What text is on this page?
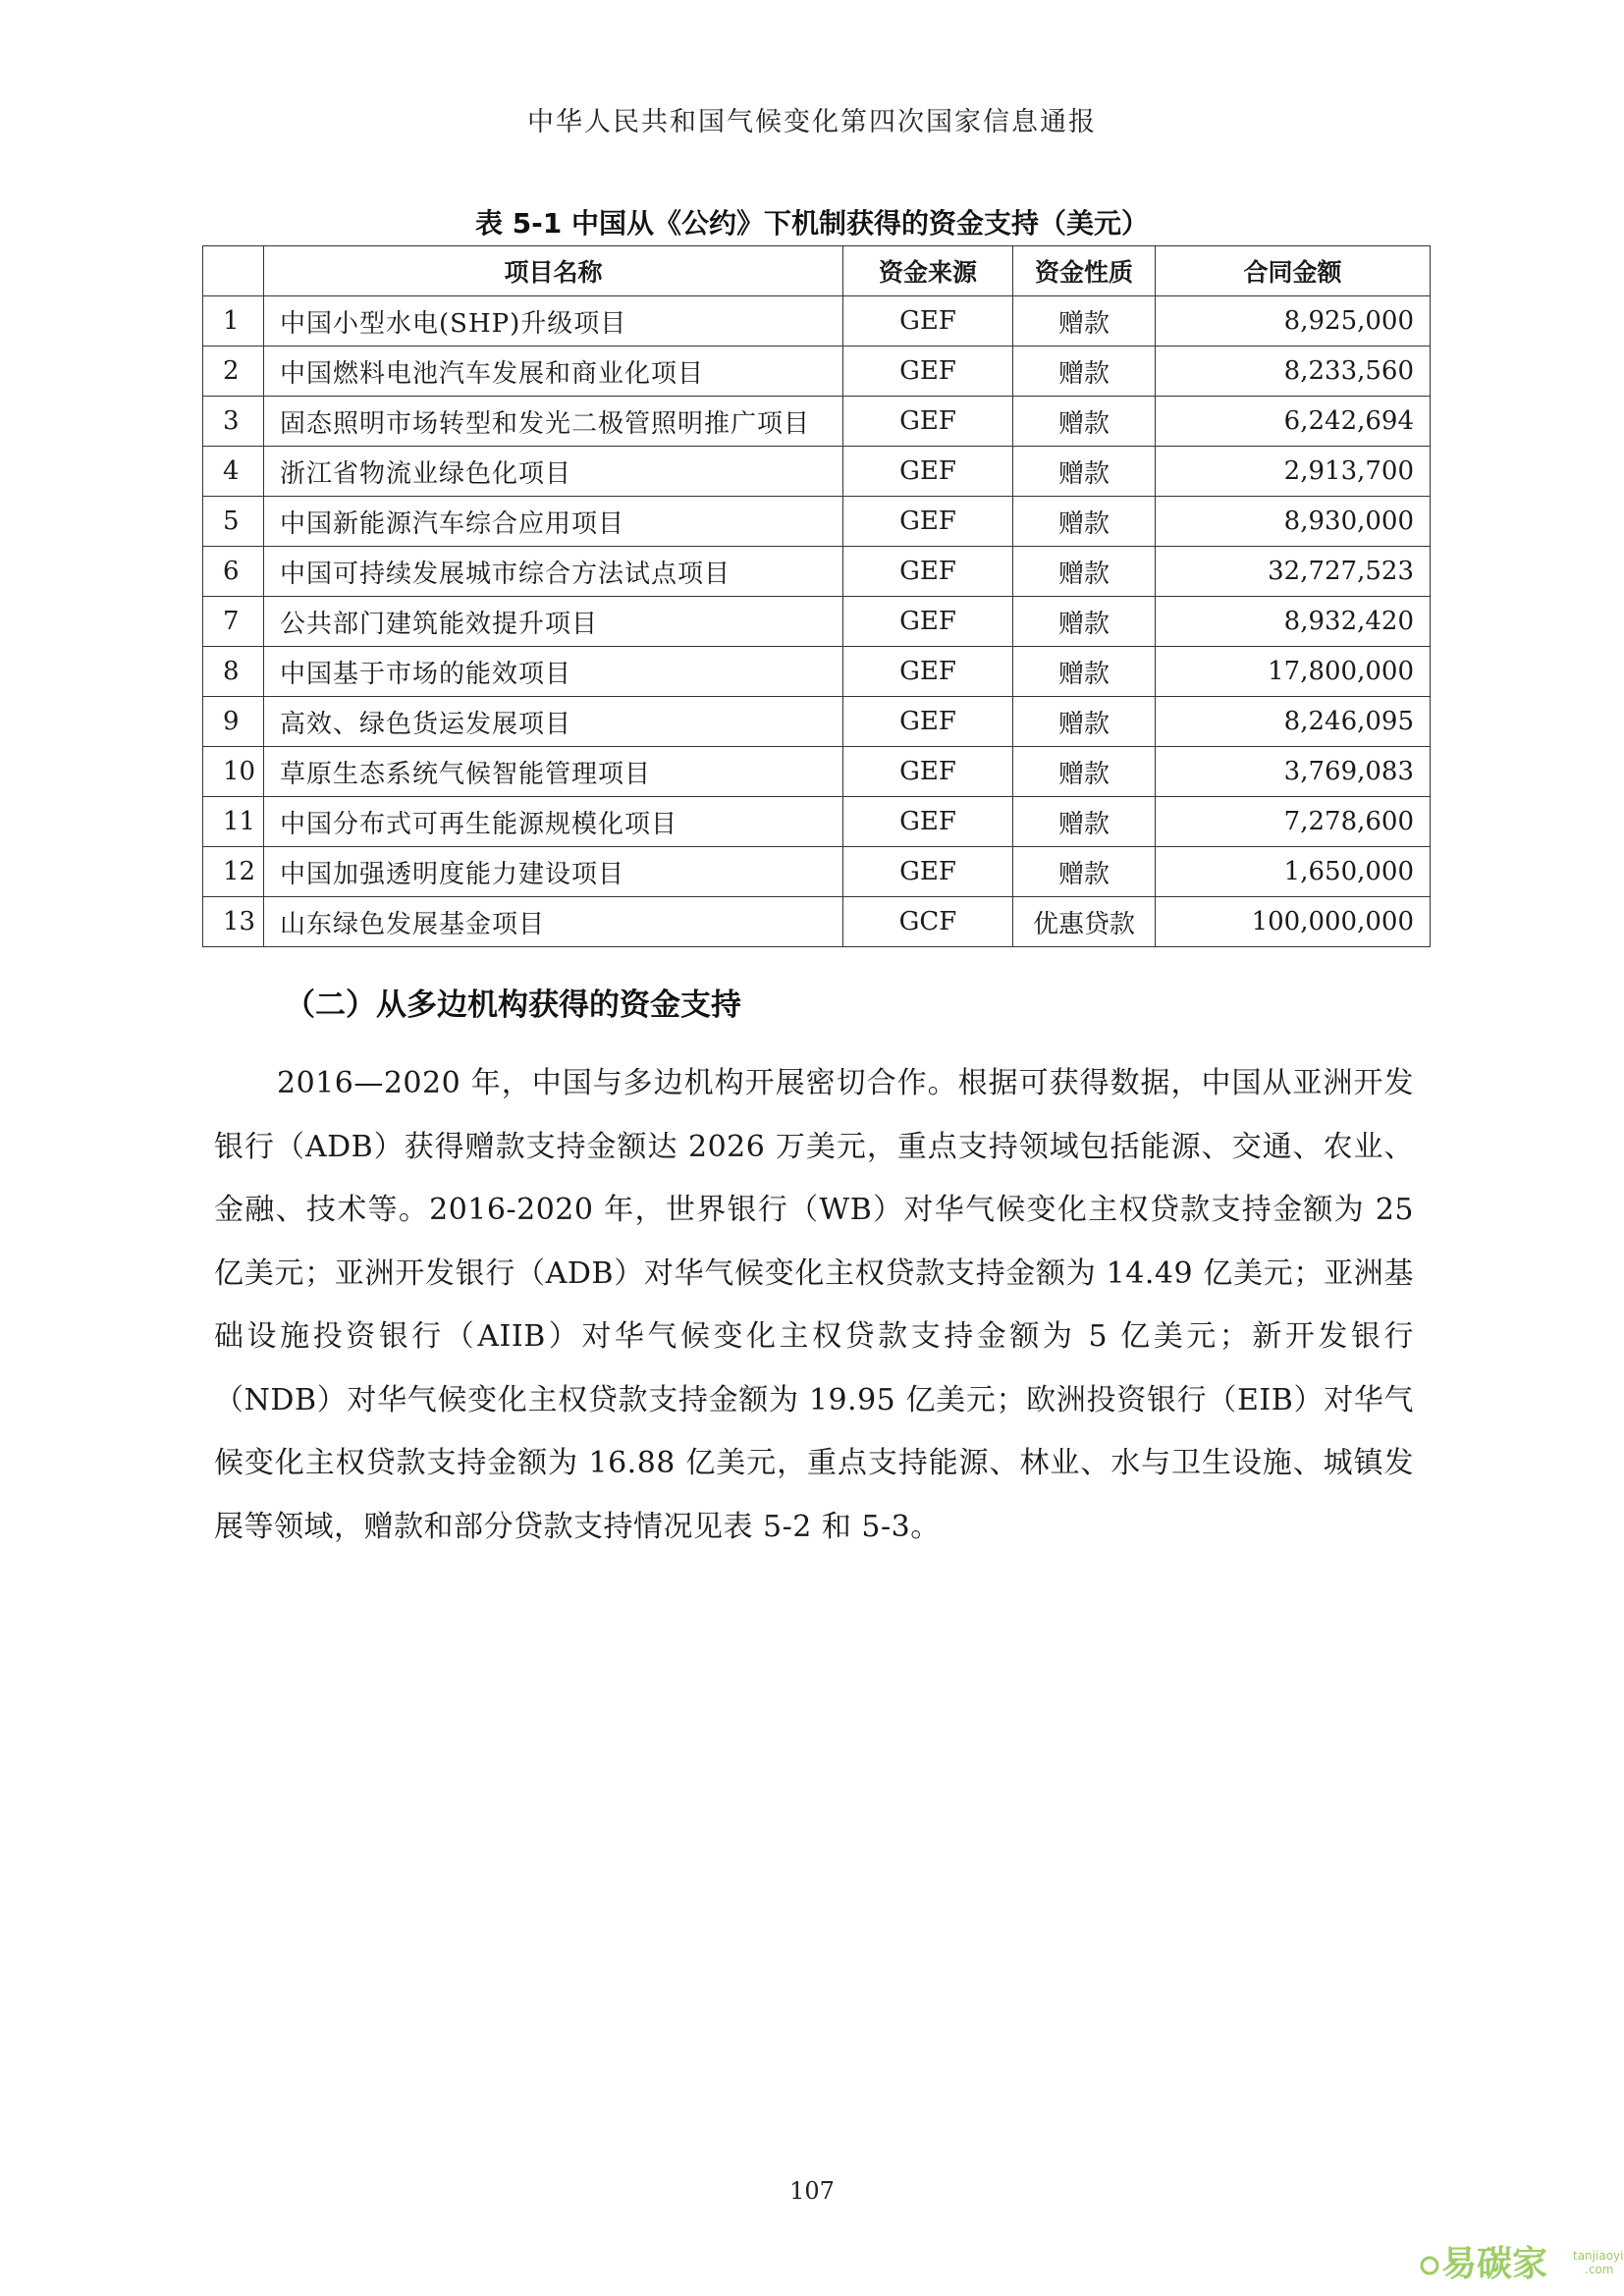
中华人民共和国气候变化第四次国家信息通报
表 5-1 中国从《公约》下机制获得的资金支持（美元）
	项目名称	资金来源	资金性质	合同金额
1	中国小型水电(SHP)升级项目	GEF	赠款	8,925,000
2	中国燃料电池汽车发展和商业化项目	GEF	赠款	8,233,560
3	固态照明市场转型和发光二极管照明推广项目	GEF	赠款	6,242,694
4	浙江省物流业绿色化项目	GEF	赠款	2,913,700
5	中国新能源汽车综合应用项目	GEF	赠款	8,930,000
6	中国可持续发展城市综合方法试点项目	GEF	赠款	32,727,523
7	公共部门建筑能效提升项目	GEF	赠款	8,932,420
8	中国基于市场的能效项目	GEF	赠款	17,800,000
9	高效、绿色货运发展项目	GEF	赠款	8,246,095
10	草原生态系统气候智能管理项目	GEF	赠款	3,769,083
11	中国分布式可再生能源规模化项目	GEF	赠款	7,278,600
12	中国加强透明度能力建设项目	GEF	赠款	1,650,000
13	山东绿色发展基金项目	GCF	优惠贷款	100,000,000
（二）从多边机构获得的资金支持

2016—2020 年，中国与多边机构开展密切合作。根据可获得数据，中国从亚洲开发银行（ADB）获得赠款支持金额达 2026 万美元，重点支持领域包括能源、交通、农业、金融、技术等。2016-2020 年，世界银行（WB）对华气候变化主权贷款支持金额为 25 亿美元；亚洲开发银行（ADB）对华气候变化主权贷款支持金额为 14.49 亿美元；亚洲基础设施投资银行（AIIB）对华气候变化主权贷款支持金额为 5 亿美元；新开发银行（NDB）对华气候变化主权贷款支持金额为 19.95 亿美元；欧洲投资银行（EIB）对华气候变化主权贷款支持金额为 16.88 亿美元，重点支持能源、林业、水与卫生设施、城镇发展等领域，赠款和部分贷款支持情况见表 5-2 和 5-3。

107
易碳家 tanjiaoyi
.com
